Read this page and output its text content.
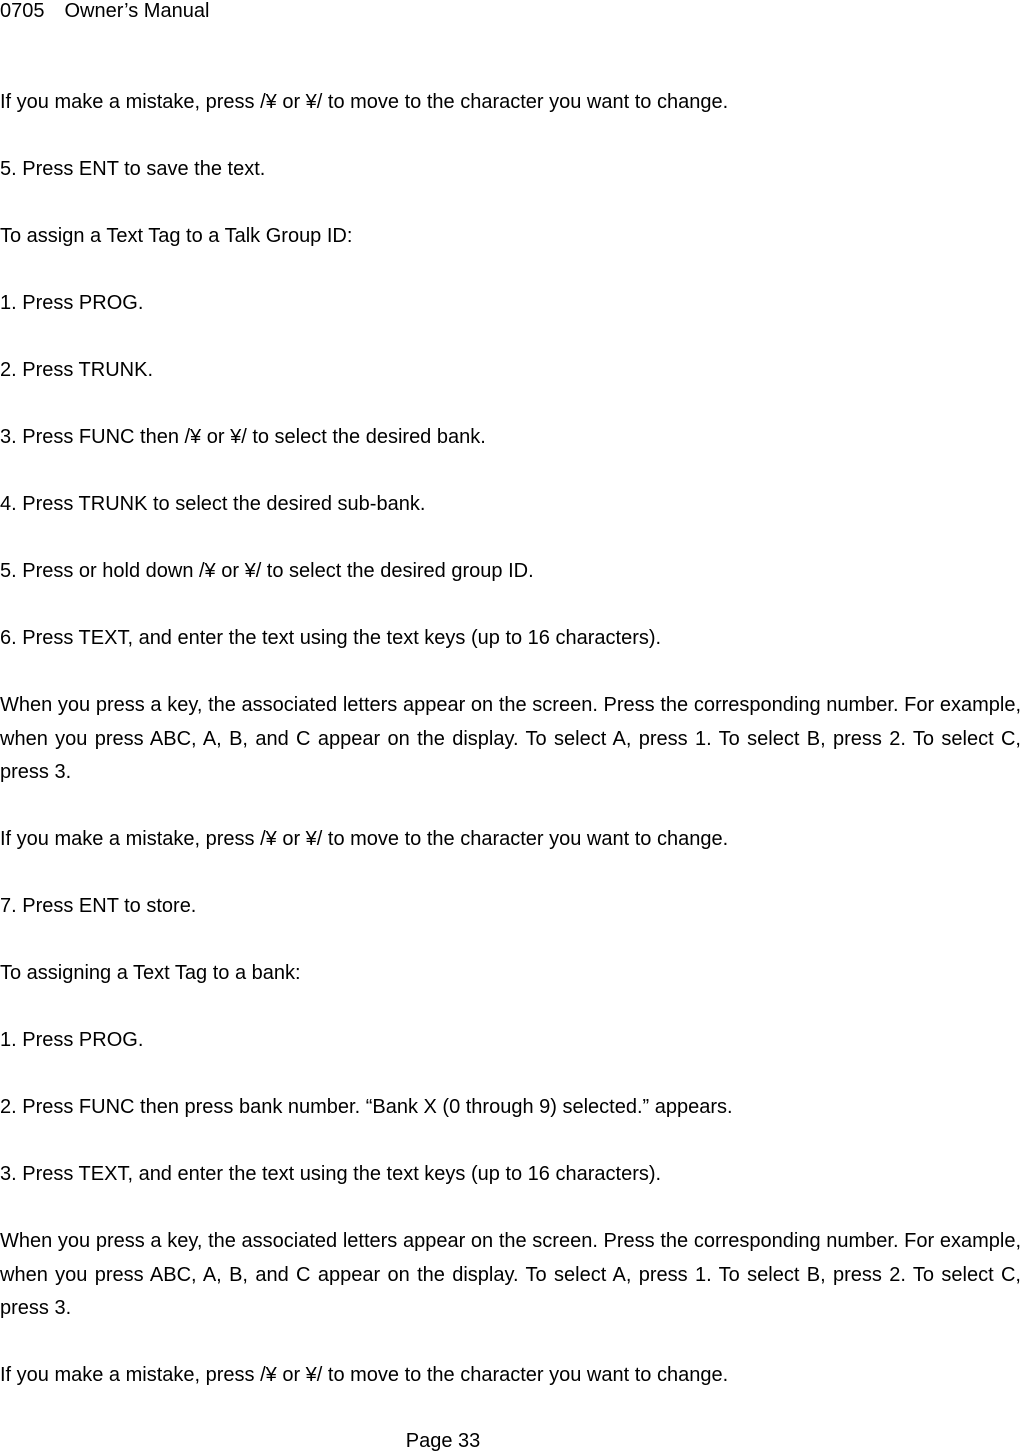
0705 Owner’s Manual

If you make a mistake, press /¥ or ¥/ to move to the character you want to change.

5. Press ENT to save the text.

To assign a Text Tag to a Talk Group ID:

1. Press PROG.

2. Press TRUNK.

3. Press FUNC then /¥ or ¥/ to select the desired bank.

4. Press TRUNK to select the desired sub-bank.

5. Press or hold down /¥ or ¥/ to select the desired group ID.

6. Press TEXT, and enter the text using the text keys (up to 16 characters).

When you press a key, the associated letters appear on the screen. Press the corresponding number. For example, when you press ABC, A, B, and C appear on the display. To select A, press 1. To select B, press 2. To select C, press 3.

If you make a mistake, press /¥ or ¥/ to move to the character you want to change.

7. Press ENT to store.

To assigning a Text Tag to a bank:

1. Press PROG.

2. Press FUNC then press bank number. “Bank X (0 through 9) selected.” appears.

3. Press TEXT, and enter the text using the text keys (up to 16 characters).

When you press a key, the associated letters appear on the screen. Press the corresponding number. For example, when you press ABC, A, B, and C appear on the display. To select A, press 1. To select B, press 2. To select C, press 3.

If you make a mistake, press /¥ or ¥/ to move to the character you want to change.

Page 33
